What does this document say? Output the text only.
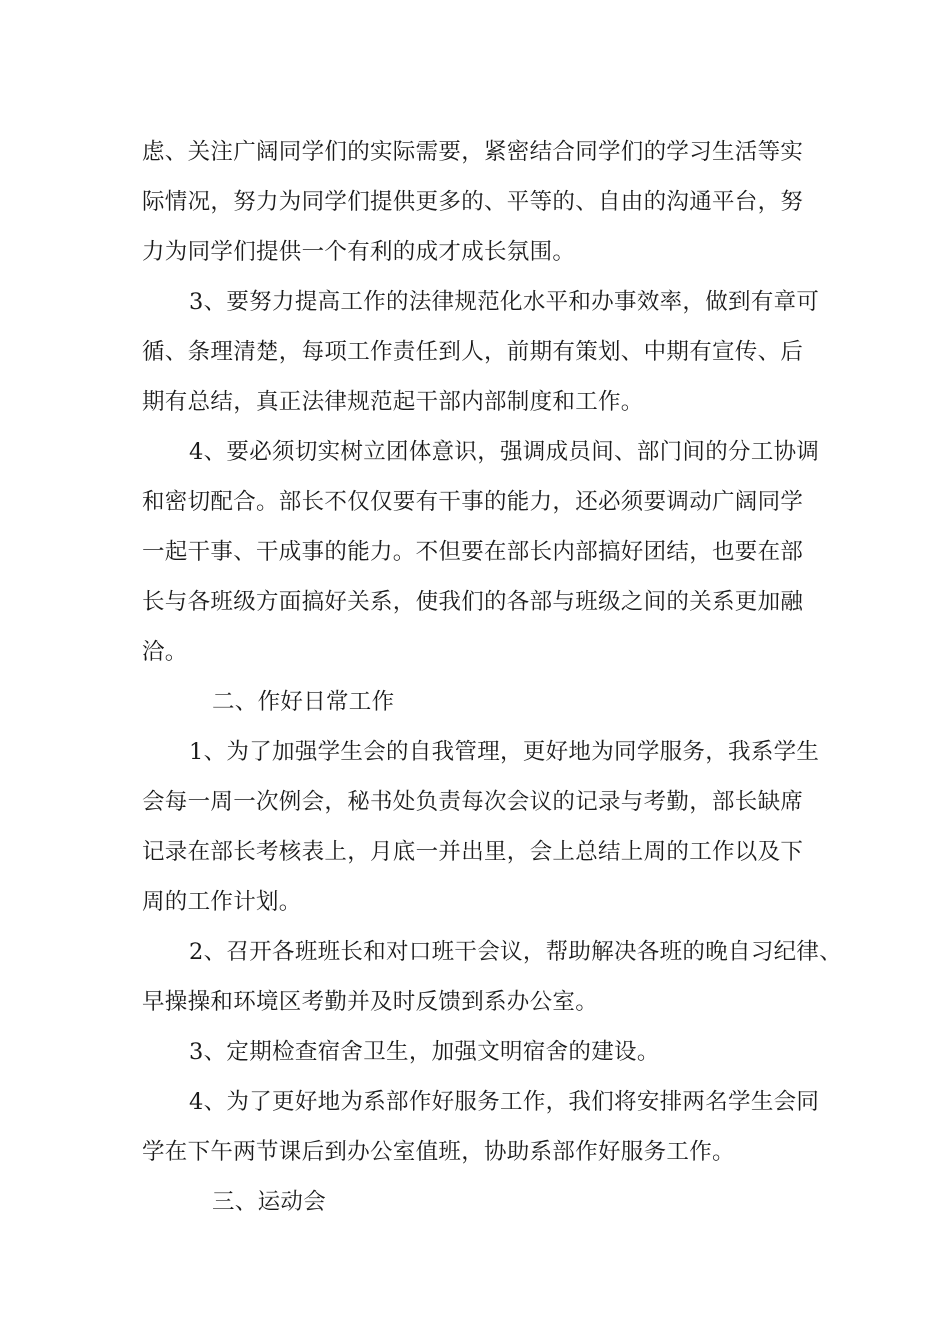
虑、关注广阔同学们的实际需要，紧密结合同学们的学习生活等实
际情况，努力为同学们提供更多的、平等的、自由的沟通平台，努
力为同学们提供一个有利的成才成长氛围。
3、要努力提高工作的法律规范化水平和办事效率，做到有章可
循、条理清楚，每项工作责任到人，前期有策划、中期有宣传、后
期有总结，真正法律规范起干部内部制度和工作。
4、要必须切实树立团体意识，强调成员间、部门间的分工协调
和密切配合。部长不仅仅要有干事的能力，还必须要调动广阔同学
一起干事、干成事的能力。不但要在部长内部搞好团结，也要在部
长与各班级方面搞好关系，使我们的各部与班级之间的关系更加融
洽。
二、作好日常工作
1、为了加强学生会的自我管理，更好地为同学服务，我系学生
会每一周一次例会，秘书处负责每次会议的记录与考勤，部长缺席
记录在部长考核表上，月底一并出里，会上总结上周的工作以及下
周的工作计划。
2、召开各班班长和对口班干会议，帮助解决各班的晚自习纪律、
早操操和环境区考勤并及时反馈到系办公室。
3、定期检查宿舍卫生，加强文明宿舍的建设。
4、为了更好地为系部作好服务工作，我们将安排两名学生会同
学在下午两节课后到办公室值班，协助系部作好服务工作。
三、运动会
